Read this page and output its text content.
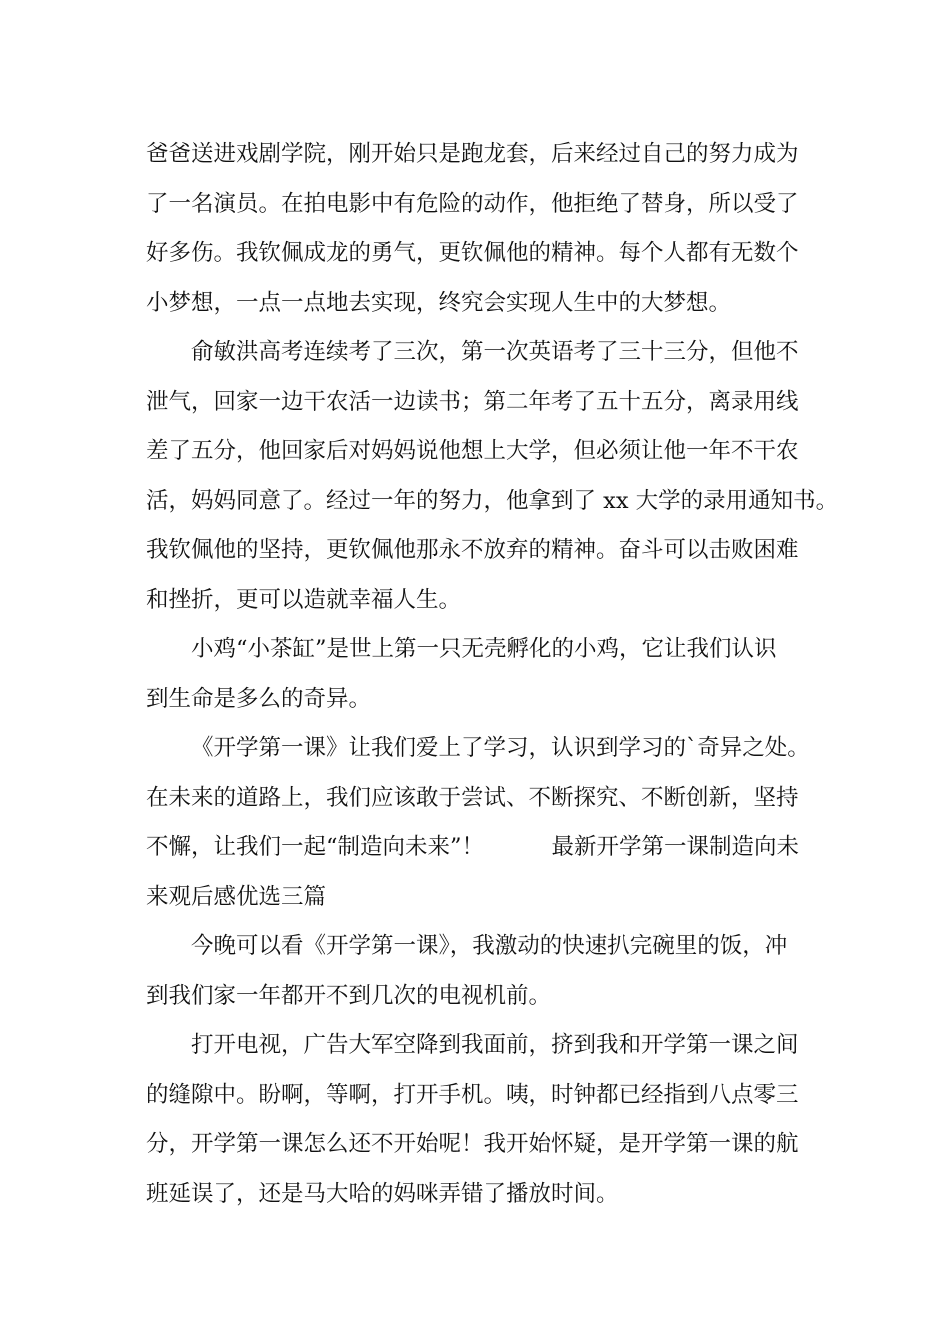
爸爸送进戏剧学院，刚开始只是跑龙套，后来经过自己的努力成为
了一名演员。在拍电影中有危险的动作，他拒绝了替身，所以受了
好多伤。我钦佩成龙的勇气，更钦佩他的精神。每个人都有无数个
小梦想，一点一点地去实现，终究会实现人生中的大梦想。
俞敏洪高考连续考了三次，第一次英语考了三十三分，但他不
泄气，回家一边干农活一边读书；第二年考了五十五分，离录用线
差了五分，他回家后对妈妈说他想上大学，但必须让他一年不干农
活，妈妈同意了。经过一年的努力，他拿到了 xx 大学的录用通知书。
我钦佩他的坚持，更钦佩他那永不放弃的精神。奋斗可以击败困难
和挫折，更可以造就幸福人生。
小鸡“小茶缸”是世上第一只无壳孵化的小鸡，它让我们认识
到生命是多么的奇异。
《开学第一课》让我们爱上了学习，认识到学习的`奇异之处。
在未来的道路上，我们应该敢于尝试、不断探究、不断创新，坚持
不懈，让我们一起“制造向未来”！　　　最新开学第一课制造向未
来观后感优选三篇
今晚可以看《开学第一课》，我激动的快速扒完碗里的饭，冲
到我们家一年都开不到几次的电视机前。
打开电视，广告大军空降到我面前，挤到我和开学第一课之间
的缝隙中。盼啊，等啊，打开手机。咦，时钟都已经指到八点零三
分，开学第一课怎么还不开始呢！我开始怀疑，是开学第一课的航
班延误了，还是马大哈的妈咪弄错了播放时间。
